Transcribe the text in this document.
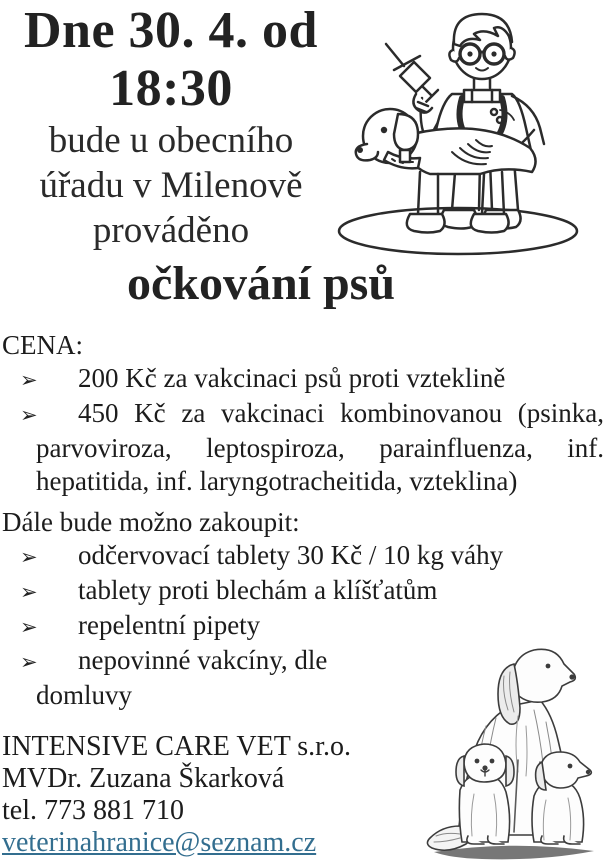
Dne 30. 4. od
18:30
bude u obecního
úřadu v Milenově
prováděno
očkování psů
CENA:
➢ 200 Kč za vakcinaci psů proti vzteklině
➢ 450 Kč za vakcinaci kombinovanou (psinka, parvoviroza, leptospiroza, parainfluenza, inf. hepatitida, inf. laryngotracheitida, vzteklina)
Dále bude možno zakoupit:
➢ odčervovací tablety 30 Kč / 10 kg váhy
➢ tablety proti blechám a klíšťatům
➢ repelentní pipety
➢ nepovinné vakcíny, dle domluvy
INTENSIVE CARE VET s.r.o.
MVDr. Zuzana Škarková
tel. 773 881 710
veterinahranice@seznam.cz
